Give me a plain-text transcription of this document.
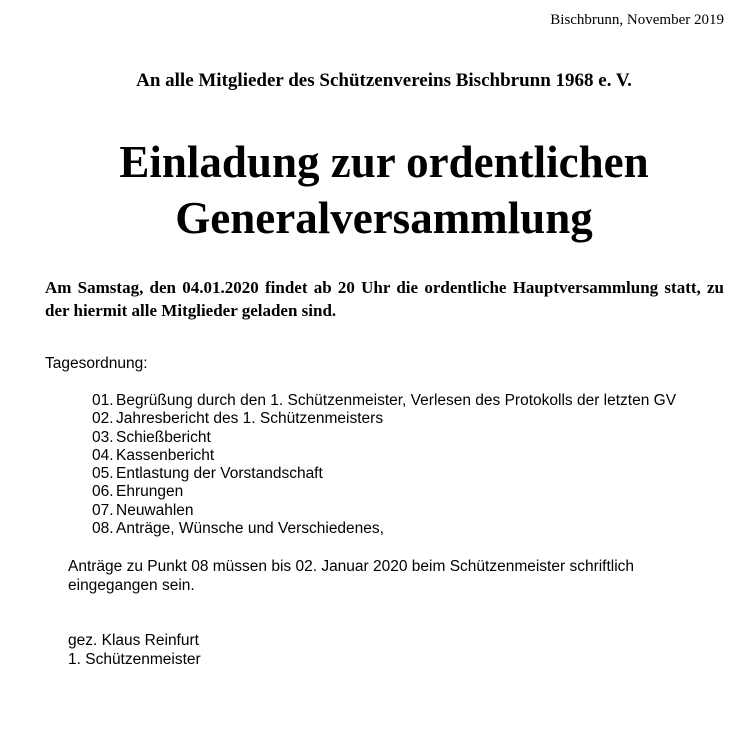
Bischbrunn, November 2019
An alle Mitglieder des Schützenvereins Bischbrunn 1968 e. V.
Einladung zur ordentlichen
Generalversammlung
Am Samstag, den 04.01.2020 findet ab 20 Uhr die ordentliche Hauptversammlung statt, zu der hiermit alle Mitglieder geladen sind.
Tagesordnung:
01. Begrüßung durch den 1. Schützenmeister, Verlesen des Protokolls der letzten GV
02. Jahresbericht des 1. Schützenmeisters
03. Schießbericht
04. Kassenbericht
05. Entlastung der Vorstandschaft
06. Ehrungen
07. Neuwahlen
08. Anträge, Wünsche und Verschiedenes,
Anträge zu Punkt 08 müssen bis 02. Januar 2020 beim Schützenmeister schriftlich
eingegangen sein.
gez. Klaus Reinfurt
1. Schützenmeister
